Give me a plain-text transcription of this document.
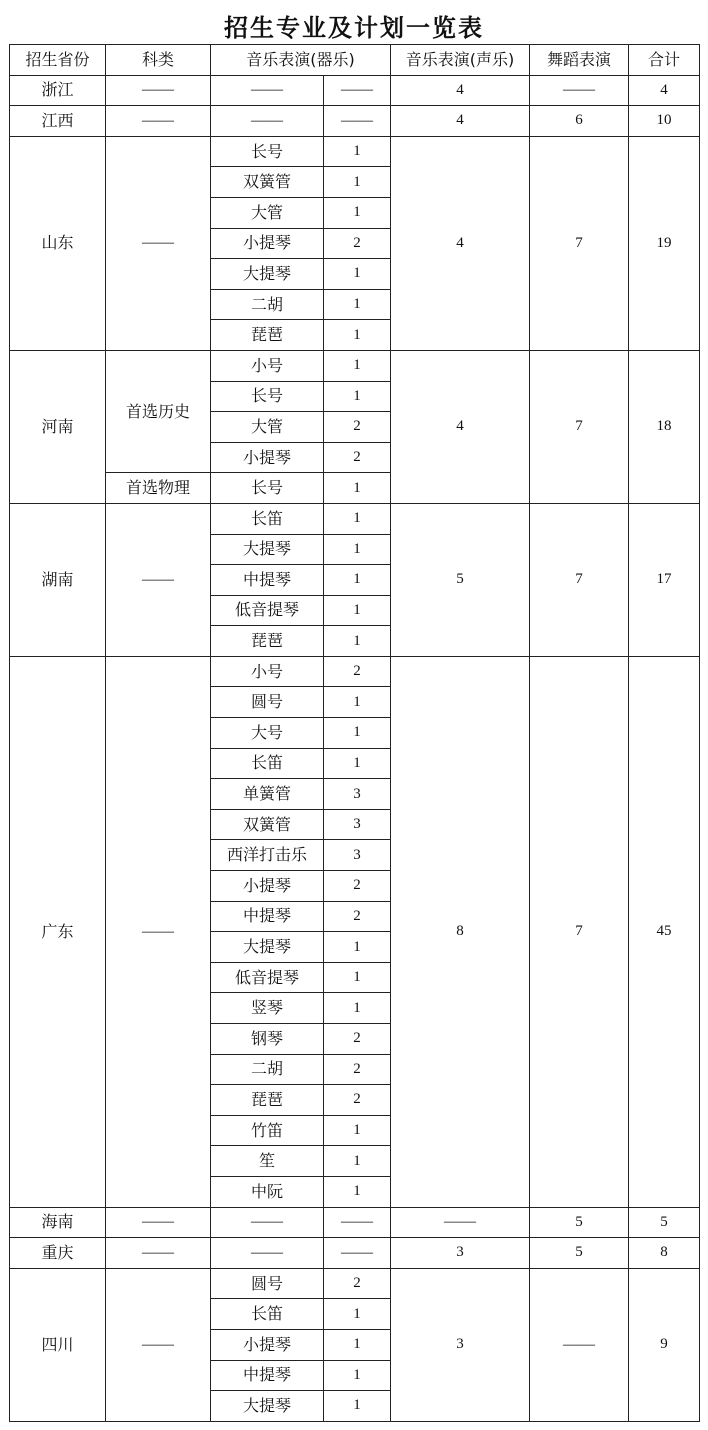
招生专业及计划一览表
招生省份	科类	音乐表演(器乐)		音乐表演(声乐)	舞蹈表演	合计
浙江	——	——	——	4	——	4
江西	——	——	——	4	6	10
山东	——	长号	1	4	7	19
		双簧管	1			
		大管	1			
		小提琴	2			
		大提琴	1			
		二胡	1			
		琵琶	1			
河南	首选历史	小号	1	4	7	18
		长号	1			
		大管	2			
		小提琴	2			
	首选物理	长号	1			
湖南	——	长笛	1	5	7	17
		大提琴	1			
		中提琴	1			
		低音提琴	1			
		琵琶	1			
广东	——	小号	2	8	7	45
		圆号	1			
		大号	1			
		长笛	1			
		单簧管	3			
		双簧管	3			
		西洋打击乐	3			
		小提琴	2			
		中提琴	2			
		大提琴	1			
		低音提琴	1			
		竖琴	1			
		钢琴	2			
		二胡	2			
		琵琶	2			
		竹笛	1			
		笙	1			
		中阮	1			
海南	——	——	——	——	5	5
重庆	——	——	——	3	5	8
四川	——	圆号	2	3	——	9
		长笛	1			
		小提琴	1			
		中提琴	1			
		大提琴	1			
